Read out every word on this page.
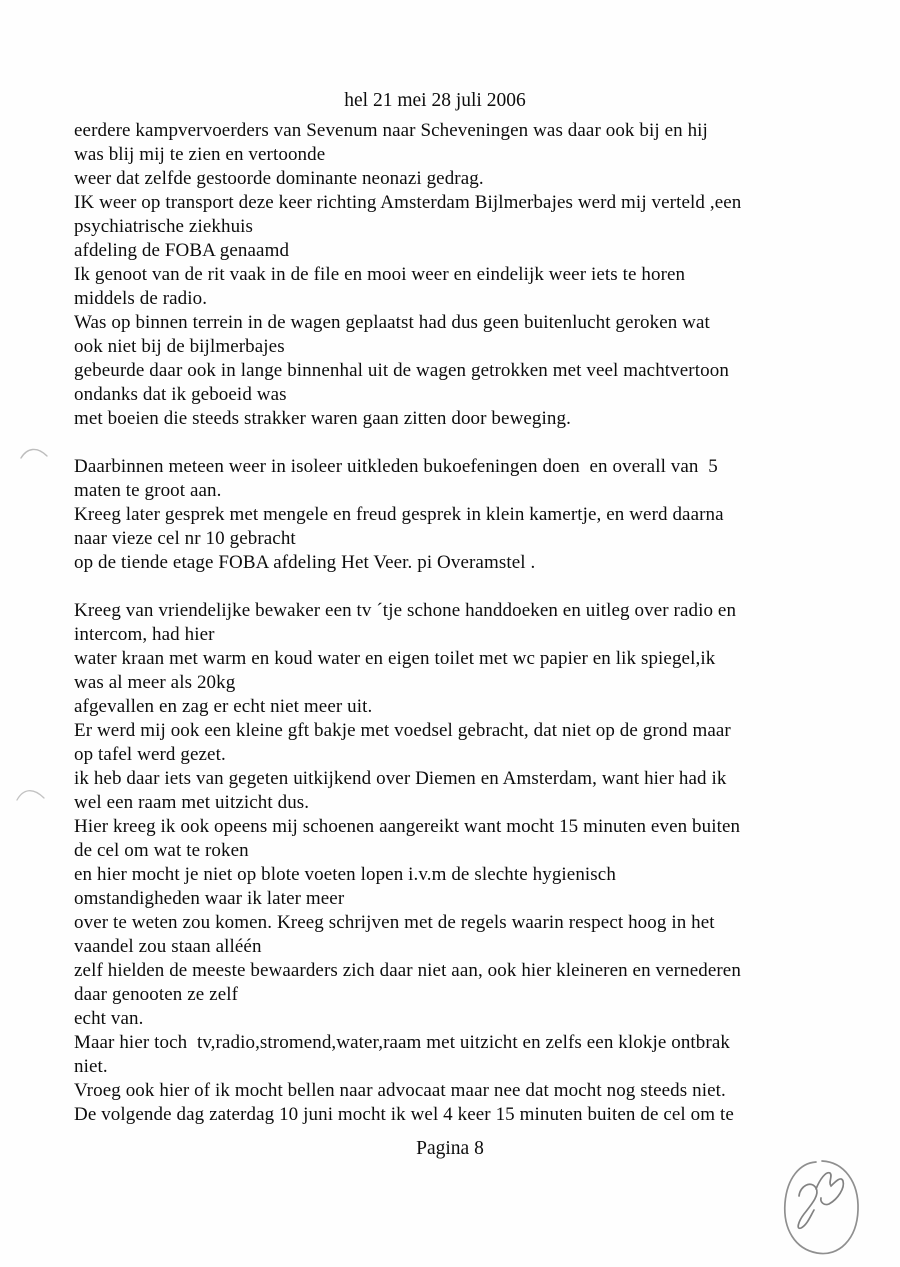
hel 21 mei 28 juli 2006
eerdere kampvervoerders van Sevenum naar Scheveningen was daar ook bij en hij
was blij mij te zien en vertoonde
weer dat zelfde gestoorde dominante neonazi gedrag.
IK weer op transport deze keer richting Amsterdam Bijlmerbajes werd mij verteld ,een
psychiatrische ziekhuis
afdeling de FOBA genaamd
Ik genoot van de rit vaak in de file en mooi weer en eindelijk weer iets te horen
middels de radio.
Was op binnen terrein in de wagen geplaatst had dus geen buitenlucht geroken wat
ook niet bij de bijlmerbajes
gebeurde daar ook in lange binnenhal uit de wagen getrokken met veel machtvertoon
ondanks dat ik geboeid was
met boeien die steeds strakker waren gaan zitten door beweging.
Daarbinnen meteen weer in isoleer uitkleden bukoefeningen doen  en overall van  5
maten te groot aan.
Kreeg later gesprek met mengele en freud gesprek in klein kamertje, en werd daarna
naar vieze cel nr 10 gebracht
op de tiende etage FOBA afdeling Het Veer. pi Overamstel .
Kreeg van vriendelijke bewaker een tv ´tje schone handdoeken en uitleg over radio en
intercom, had hier
water kraan met warm en koud water en eigen toilet met wc papier en lik spiegel,ik
was al meer als 20kg
afgevallen en zag er echt niet meer uit.
Er werd mij ook een kleine gft bakje met voedsel gebracht, dat niet op de grond maar
op tafel werd gezet.
ik heb daar iets van gegeten uitkijkend over Diemen en Amsterdam, want hier had ik
wel een raam met uitzicht dus.
Hier kreeg ik ook opeens mij schoenen aangereikt want mocht 15 minuten even buiten
de cel om wat te roken
en hier mocht je niet op blote voeten lopen i.v.m de slechte hygienisch
omstandigheden waar ik later meer
over te weten zou komen. Kreeg schrijven met de regels waarin respect hoog in het
vaandel zou staan alléén
zelf hielden de meeste bewaarders zich daar niet aan, ook hier kleineren en vernederen
daar genooten ze zelf
echt van.
Maar hier toch  tv,radio,stromend,water,raam met uitzicht en zelfs een klokje ontbrak
niet.
Vroeg ook hier of ik mocht bellen naar advocaat maar nee dat mocht nog steeds niet.
De volgende dag zaterdag 10 juni mocht ik wel 4 keer 15 minuten buiten de cel om te
Pagina 8
